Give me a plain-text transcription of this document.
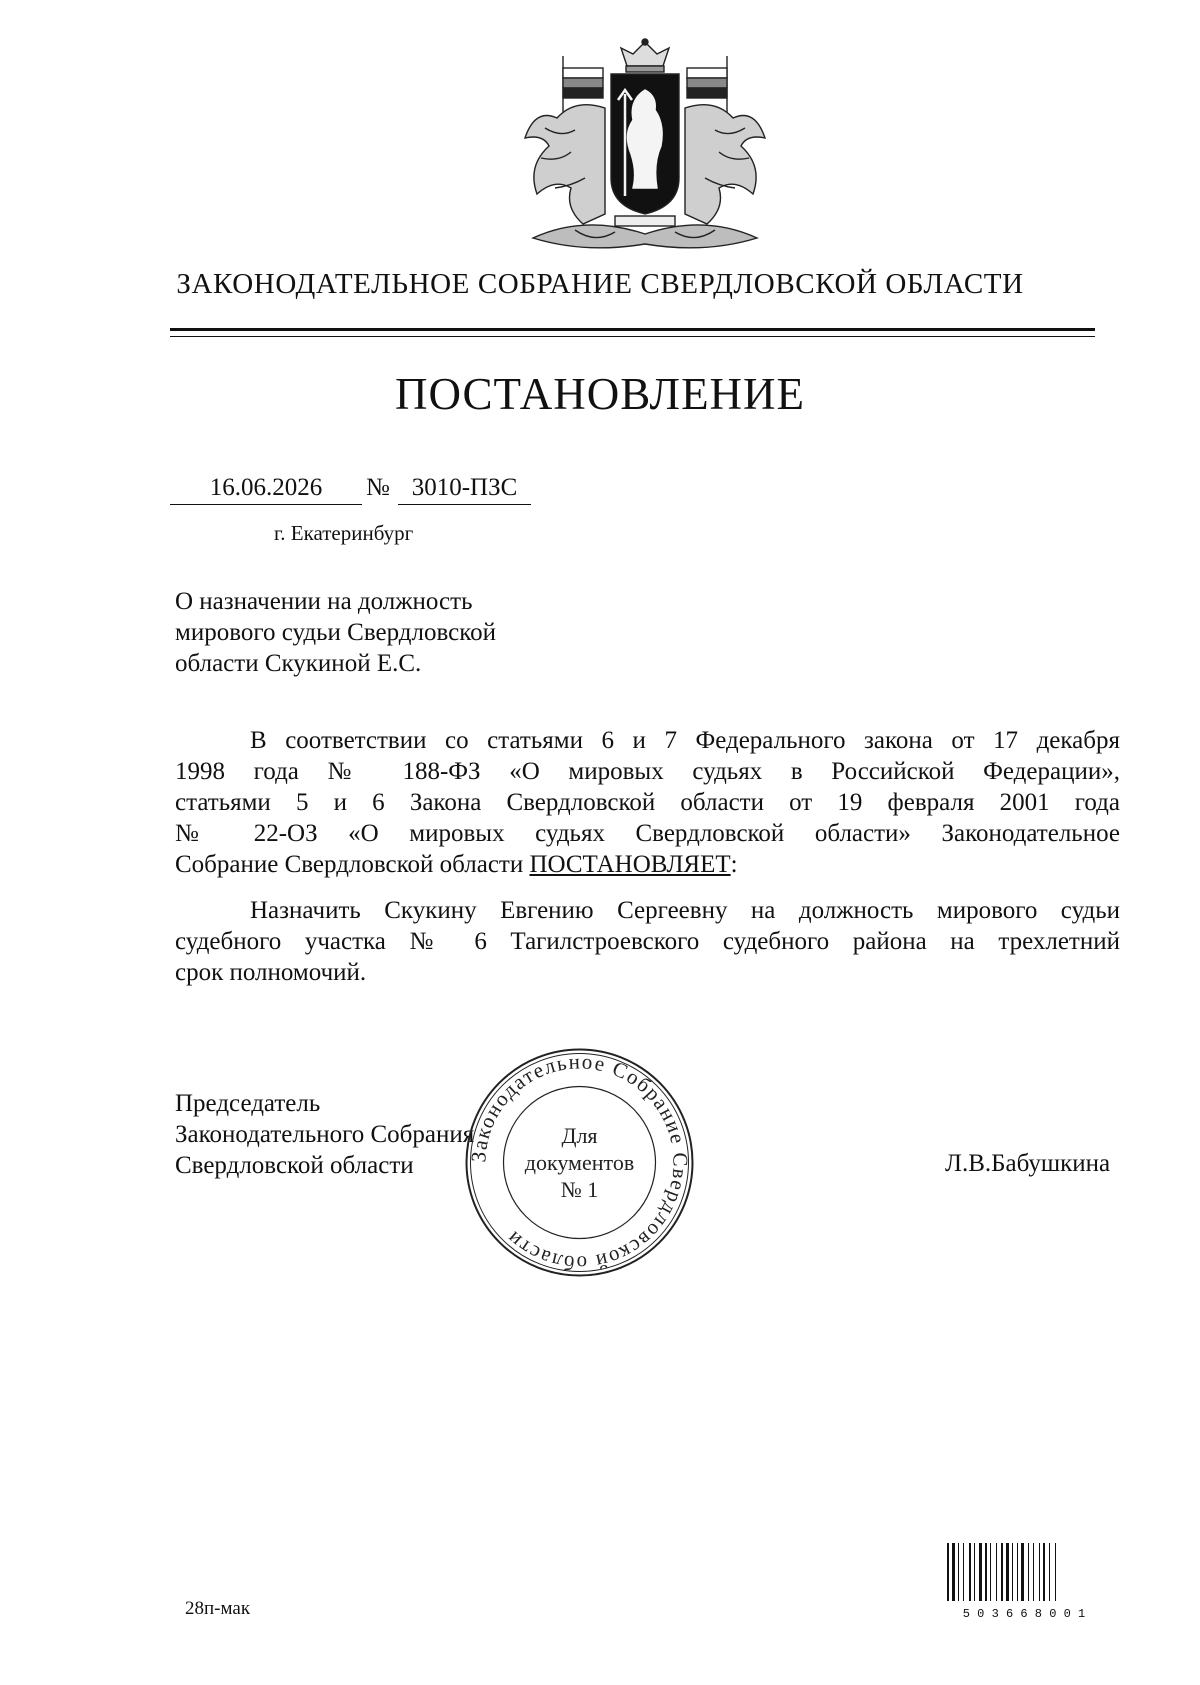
ЗАКОНОДАТЕЛЬНОЕ СОБРАНИЕ СВЕРДЛОВСКОЙ ОБЛАСТИ
ПОСТАНОВЛЕНИЕ
16.06.2026	№ 3010-ПЗС
г. Екатеринбург
О назначении на должность
мирового судьи Свердловской
области Скукиной Е.С.
В соответствии со статьями 6 и 7 Федерального закона от 17 декабря
1998 года № 188-ФЗ «О мировых судьях в Российской Федерации»,
статьями 5 и 6 Закона Свердловской области от 19 февраля 2001 года
№ 22-ОЗ «О мировых судьях Свердловской области» Законодательное
Собрание Свердловской области ПОСТАНОВЛЯЕТ:
Назначить Скукину Евгению Сергеевну на должность мирового судьи
судебного участка № 6 Тагилстроевского судебного района на трехлетний
срок полномочий.
Председатель
Законодательного Собрания
Свердловской области	Л.В.Бабушкина
Законодательное Собрание Свердловской области
Для
документов
№ 1
5 0 3 6 6 8 0 0 1
28п-мак
